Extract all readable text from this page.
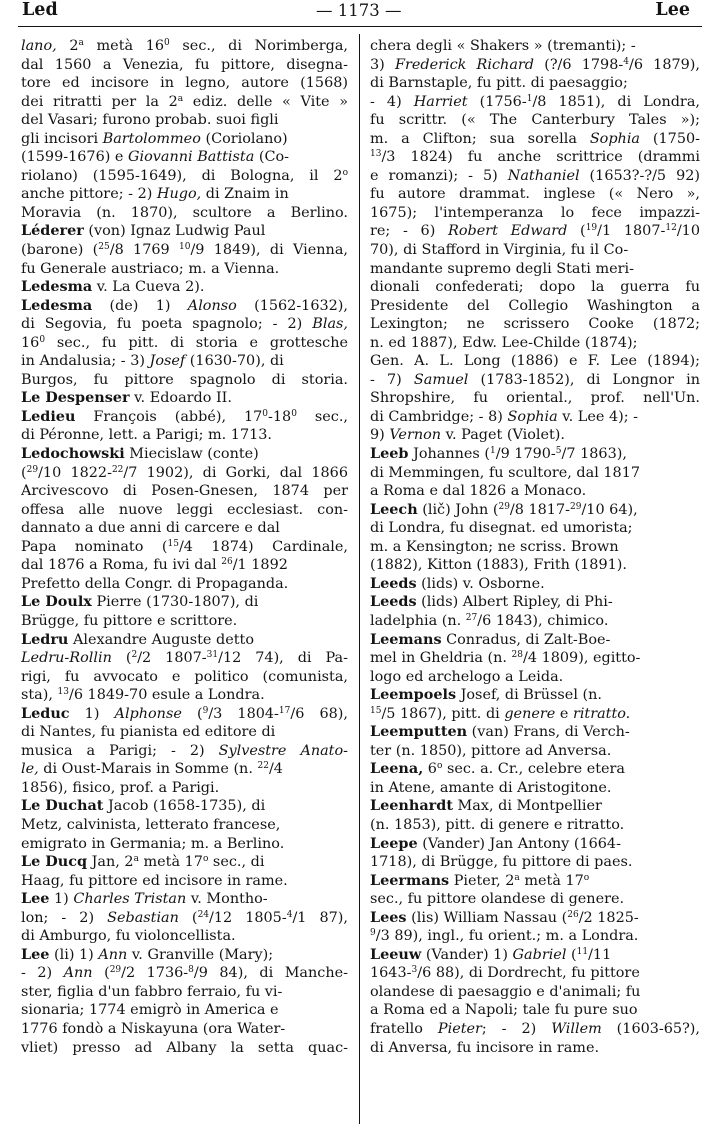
Led	— 1173 —	Lee
lano, 2$^a$ metà $16^0$ sec., di Norimberga,
dal 1560 a Venezia, fu pittore, disegna-
tore ed incisore in legno, autore (1568)
dei ritratti per la 2$^a$ ediz. delle « Vite »
del Vasari; furono probab. suoi figli
gli incisori Bartolommeo (Coriolano)
(1599-1676) e Giovanni Battista (Co-
riolano) (1595-1649), di Bologna, il 2$^o$
anche pittore; - 2) Hugo, di Znaim in
Moravia (n. 1870), scultore a Berlino.
Léderer (von) Ignaz Ludwig Paul
(barone) ($^{25}$/8 1769 $^{10}$/9 1849), di Vienna,
fu Generale austriaco; m. a Vienna.
Ledesma v. La Cueva 2).
Ledesma (de) 1) Alonso (1562-1632),
di Segovia, fu poeta spagnolo; - 2) Blas,
$16^0$ sec., fu pitt. di storia e grottesche
in Andalusia; - 3) Josef (1630-70), di
Burgos, fu pittore spagnolo di storia.
Le Despenser v. Edoardo II.
Ledieu François (abbé), $17^0-18^0$ sec.,
di Péronne, lett. a Parigi; m. 1713.
Ledochowski Miecislaw (conte)
($^{29}$/10 1822-$^{22}$/7 1902), di Gorki, dal 1866
Arcivescovo di Posen-Gnesen, 1874 per
offesa alle nuove leggi ecclesiast. con-
dannato a due anni di carcere e dal
Papa nominato ($^{15}$/4 1874) Cardinale,
dal 1876 a Roma, fu ivi dal $^{26}$/1 1892
Prefetto della Congr. di Propaganda.
Le Doulx Pierre (1730-1807), di
Brügge, fu pittore e scrittore.
Ledru Alexandre Auguste detto
Ledru-Rollin ($^2$/2 1807-$^{31}$/12 74), di Pa-
rigi, fu avvocato e politico (comunista,
sta), $^{13}$/6 1849-70 esule a Londra.
Leduc 1) Alphonse ($^9$/3 1804-$^{17}$/6 68),
di Nantes, fu pianista ed editore di
musica a Parigi; - 2) Sylvestre Anato-
le, di Oust-Marais in Somme (n. $^{22}$/4
1856), fisico, prof. a Parigi.
Le Duchat Jacob (1658-1735), di
Metz, calvinista, letterato francese,
emigrato in Germania; m. a Berlino.
Le Ducq Jan, 2$^a$ metà 17$^o$ sec., di
Haag, fu pittore ed incisore in rame.
Lee 1) Charles Tristan v. Monthо-
lon; - 2) Sebastian ($^{24}$/12 1805-$^4$/1 87),
di Amburgo, fu violoncellista.
Lee (li) 1) Ann v. Granville (Mary);
- 2) Ann ($^{29}$/2 1736-$^8$/9 84), di Manche-
ster, figlia d'un fabbro ferraio, fu vi-
sionaria; 1774 emigrò in America e
1776 fondò a Niskayuna (ora Water-
vliet) presso ad Albany la setta quac-
chera degli « Shakers » (tremanti); -
3) Frederick Richard (?/6 1798-$^4$/6 1879),
di Barnstaple, fu pitt. di paesaggio;
- 4) Harriet (1756-$^1$/8 1851), di Londra,
fu scrittr. (« The Canterbury Tales »);
m. a Clifton; sua sorella Sophia (1750-
$^{13}$/3 1824) fu anche scrittrice (drammi
e romanzi); - 5) Nathaniel (1653?-?/5 92)
fu autore drammat. inglese (« Nero »,
1675); l'intemperanza lo fece impazzi-
re; - 6) Robert Edward ($^{19}$/1 1807-$^{12}$/10
70), di Stafford in Virginia, fu il Co-
mandante supremo degli Stati meri-
dionali confederati; dopo la guerra fu
Presidente del Collegio Washington a
Lexington; ne scrissero Cooke (1872;
n. ed 1887), Edw. Lee-Childe (1874);
Gen. A. L. Long (1886) e F. Lee (1894);
- 7) Samuel (1783-1852), di Longnor in
Shropshire, fu oriental., prof. nell'Un.
di Cambridge; - 8) Sophia v. Lee 4); -
9) Vernon v. Paget (Violet).
Leeb Johannes ($^1$/9 1790-$^5$/7 1863),
di Memmingen, fu scultore, dal 1817
a Roma e dal 1826 a Monaco.
Leech (lič) John ($^{29}$/8 1817-$^{29}$/10 64),
di Londra, fu disegnat. ed umorista;
m. a Kensington; ne scriss. Brown
(1882), Kitton (1883), Frith (1891).
Leeds (lids) v. Osborne.
Leeds (lids) Albert Ripley, di Phi-
ladelphia (n. $^{27}$/6 1843), chimico.
Leemans Conradus, di Zalt-Boe-
mel in Gheldria (n. $^{28}$/4 1809), egitto-
logo ed archelogo a Leida.
Leempoels Josef, di Brüssel (n.
$^{15}$/5 1867), pitt. di genere e ritratto.
Leemputten (van) Frans, di Verch-
ter (n. 1850), pittore ad Anversa.
Leena, 6$^o$ sec. a. Cr., celebre etera
in Atene, amante di Aristogitone.
Leenhardt Max, di Montpellier
(n. 1853), pitt. di genere e ritratto.
Leepe (Vander) Jan Antony (1664-
1718), di Brügge, fu pittore di paes.
Leermans Pieter, 2$^a$ metà 17$^o$
sec., fu pittore olandese di genere.
Lees (lis) William Nassau ($^{26}$/2 1825-
$^9$/3 89), ingl., fu orient.; m. a Londra.
Leeuw (Vander) 1) Gabriel ($^{11}$/11
1643-$^3$/6 88), di Dordrecht, fu pittore
olandese di paesaggio e d'animali; fu
a Roma ed a Napoli; tale fu pure suo
fratello Pieter; - 2) Willem (1603-65?),
di Anversa, fu incisore in rame.
